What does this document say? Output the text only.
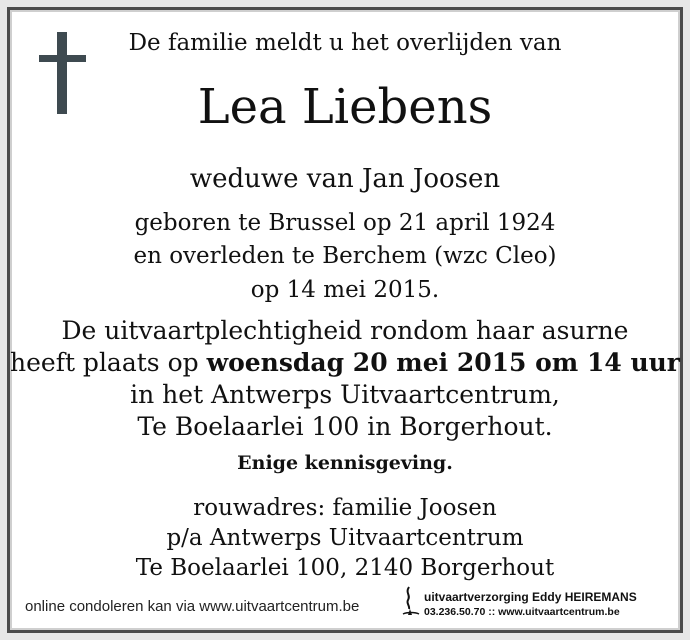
De familie meldt u het overlijden van
Lea Liebens
weduwe van Jan Joosen
geboren te Brussel op 21 april 1924
en overleden te Berchem (wzc Cleo)
op 14 mei 2015.
De uitvaartplechtigheid rondom haar asurne
heeft plaats op woensdag 20 mei 2015 om 14 uur
in het Antwerps Uitvaartcentrum,
Te Boelaarlei 100 in Borgerhout.
Enige kennisgeving.
rouwadres: familie Joosen
p/a Antwerps Uitvaartcentrum
Te Boelaarlei 100, 2140 Borgerhout
online condoleren kan via www.uitvaartcentrum.be
uitvaartverzorging Eddy HEIREMANS
03.236.50.70 :: www.uitvaartcentrum.be
